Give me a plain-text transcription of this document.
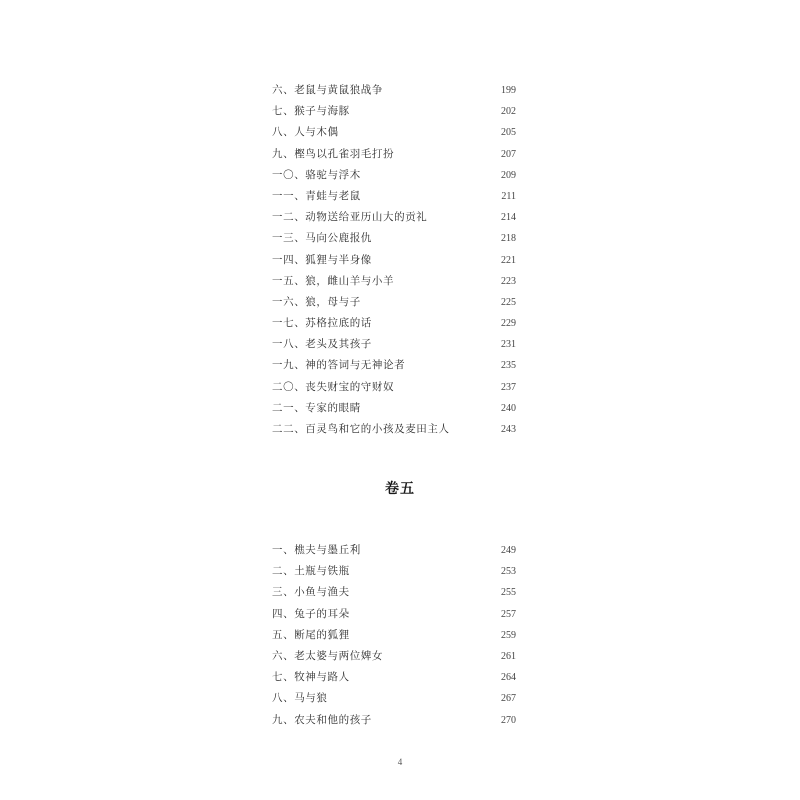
六、老鼠与黄鼠狼战争	199
七、猴子与海豚	202
八、人与木偶	205
九、樫鸟以孔雀羽毛打扮	207
一〇、骆驼与浮木	209
一一、青蛙与老鼠	211
一二、动物送给亚历山大的贡礼	214
一三、马向公鹿报仇	218
一四、狐狸与半身像	221
一五、狼，雌山羊与小羊	223
一六、狼，母与子	225
一七、苏格拉底的话	229
一八、老头及其孩子	231
一九、神的答词与无神论者	235
二〇、丧失财宝的守财奴	237
二一、专家的眼睛	240
二二、百灵鸟和它的小孩及麦田主人	243
卷五
一、樵夫与墨丘利	249
二、土瓶与铁瓶	253
三、小鱼与渔夫	255
四、兔子的耳朵	257
五、断尾的狐狸	259
六、老太婆与两位婢女	261
七、牧神与路人	264
八、马与狼	267
九、农夫和他的孩子	270
4
